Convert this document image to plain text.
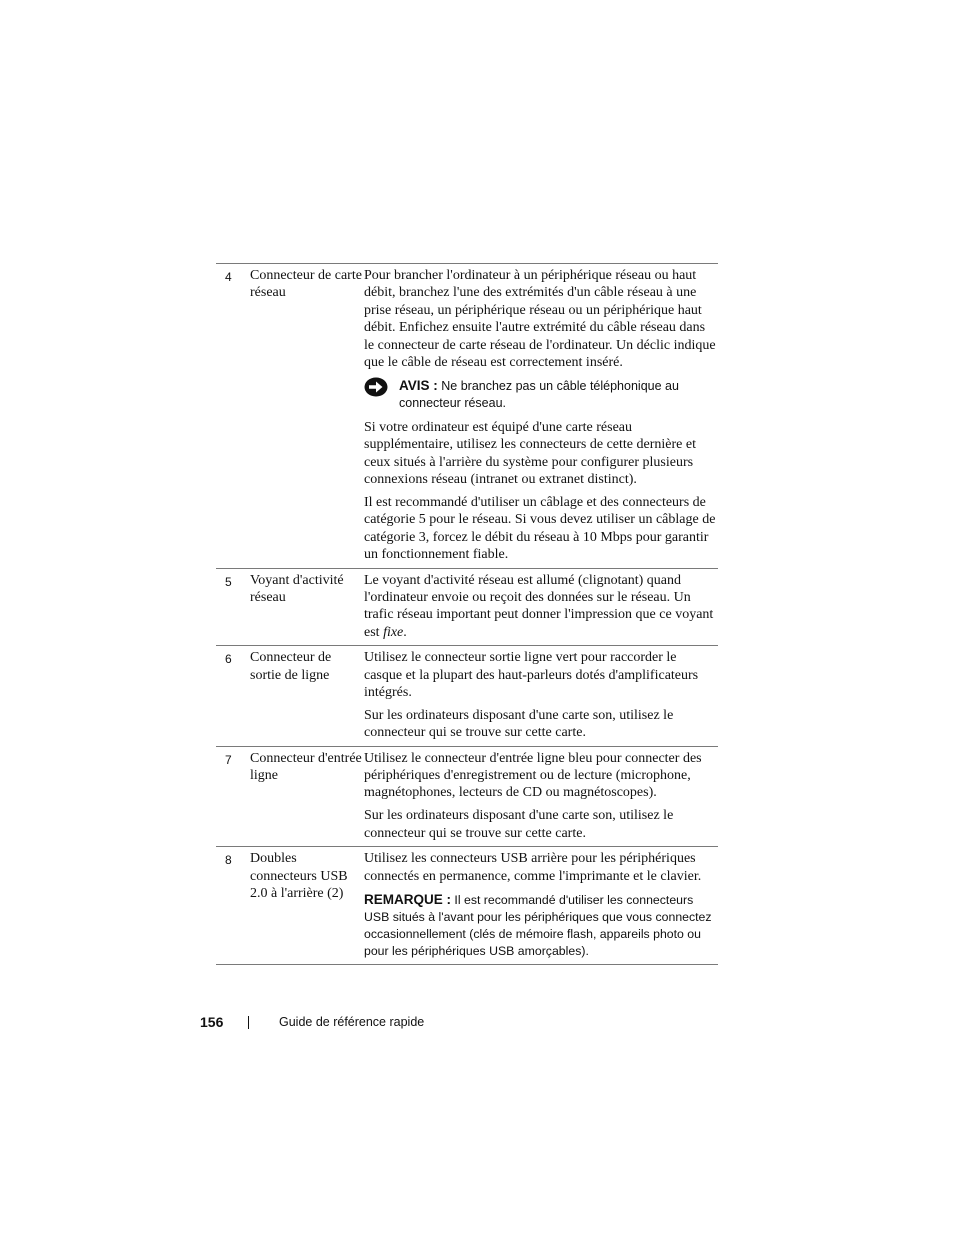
4	Connecteur de carte réseau

Pour brancher l'ordinateur à un périphérique réseau ou haut débit, branchez l'une des extrémités d'un câble réseau à une prise réseau, un périphérique réseau ou un périphérique haut débit. Enfichez ensuite l'autre extrémité du câble réseau dans le connecteur de carte réseau de l'ordinateur. Un déclic indique que le câble de réseau est correctement inséré.

AVIS : Ne branchez pas un câble téléphonique au connecteur réseau.

Si votre ordinateur est équipé d'une carte réseau supplémentaire, utilisez les connecteurs de cette dernière et ceux situés à l'arrière du système pour configurer plusieurs connexions réseau (intranet ou extranet distinct).

Il est recommandé d'utiliser un câblage et des connecteurs de catégorie 5 pour le réseau. Si vous devez utiliser un câblage de catégorie 3, forcez le débit du réseau à 10 Mbps pour garantir un fonctionnement fiable.

5	Voyant d'activité réseau

Le voyant d'activité réseau est allumé (clignotant) quand l'ordinateur envoie ou reçoit des données sur le réseau. Un trafic réseau important peut donner l'impression que ce voyant est fixe.

6	Connecteur de sortie de ligne

Utilisez le connecteur sortie ligne vert pour raccorder le casque et la plupart des haut-parleurs dotés d'amplificateurs intégrés.

Sur les ordinateurs disposant d'une carte son, utilisez le connecteur qui se trouve sur cette carte.

7	Connecteur d'entrée ligne

Utilisez le connecteur d'entrée ligne bleu pour connecter des périphériques d'enregistrement ou de lecture (microphone, magnétophones, lecteurs de CD ou magnétoscopes).

Sur les ordinateurs disposant d'une carte son, utilisez le connecteur qui se trouve sur cette carte.

8	Doubles connecteurs USB 2.0 à l'arrière (2)

Utilisez les connecteurs USB arrière pour les périphériques connectés en permanence, comme l'imprimante et le clavier.

REMARQUE : Il est recommandé d'utiliser les connecteurs USB situés à l'avant pour les périphériques que vous connectez occasionnellement (clés de mémoire flash, appareils photo ou pour les périphériques USB amorçables).
156	Guide de référence rapide
